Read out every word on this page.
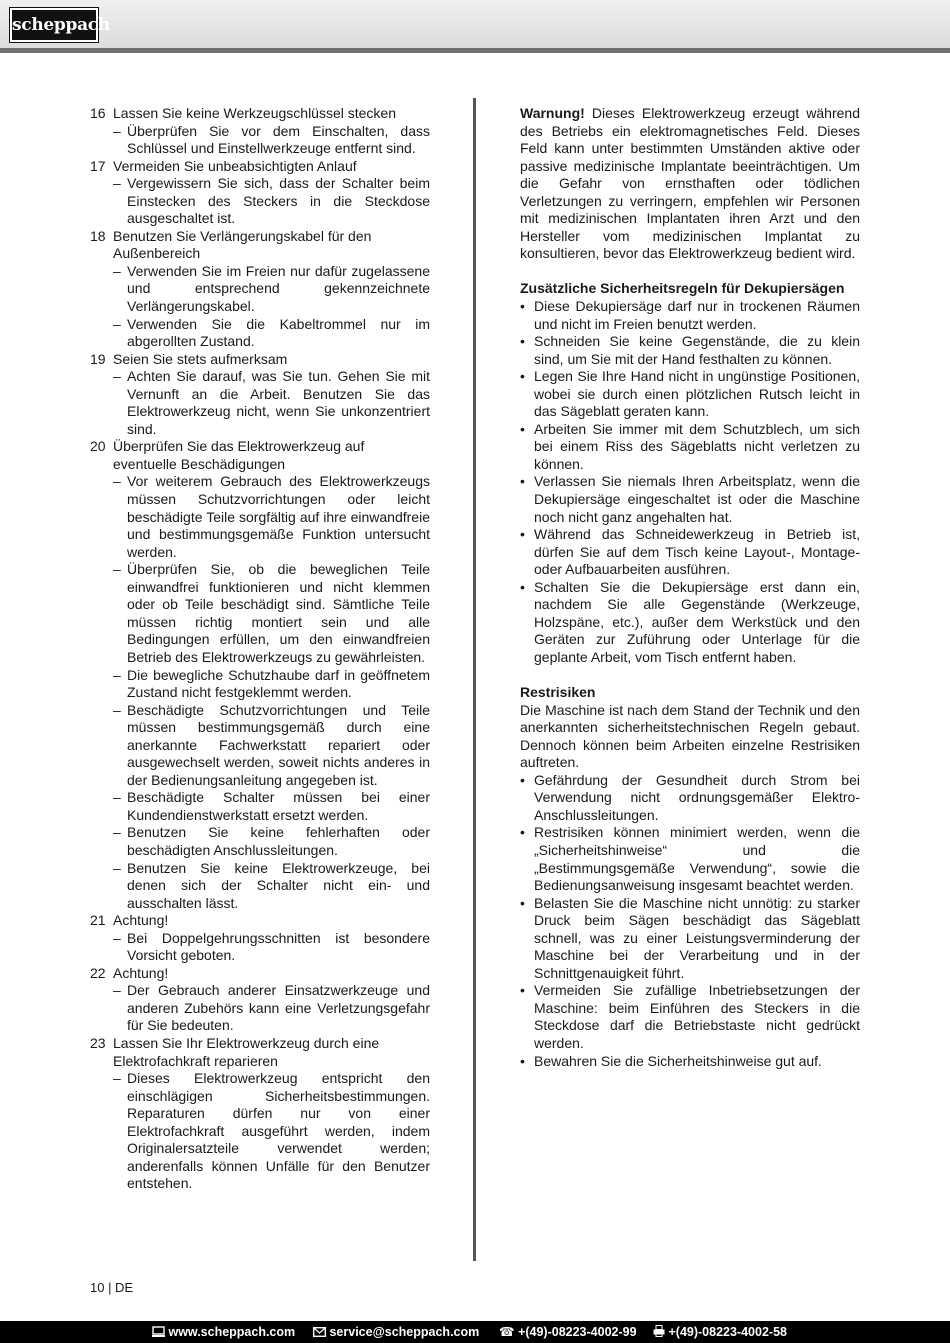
scheppach
16 Lassen Sie keine Werkzeugschlüssel stecken
– Überprüfen Sie vor dem Einschalten, dass Schlüssel und Einstellwerkzeuge entfernt sind.
17 Vermeiden Sie unbeabsichtigten Anlauf
– Vergewissern Sie sich, dass der Schalter beim Einstecken des Steckers in die Steckdose ausgeschaltet ist.
18 Benutzen Sie Verlängerungskabel für den Außenbereich
– Verwenden Sie im Freien nur dafür zugelassene und entsprechend gekennzeichnete Verlängerungskabel.
– Verwenden Sie die Kabeltrommel nur im abgerollten Zustand.
19 Seien Sie stets aufmerksam
– Achten Sie darauf, was Sie tun. Gehen Sie mit Vernunft an die Arbeit. Benutzen Sie das Elektrowerkzeug nicht, wenn Sie unkonzentriert sind.
20 Überprüfen Sie das Elektrowerkzeug auf eventuelle Beschädigungen
– Vor weiterem Gebrauch des Elektrowerkzeugs müssen Schutzvorrichtungen oder leicht beschädigte Teile sorgfältig auf ihre einwandfreie und bestimmungsgemäße Funktion untersucht werden.
– Überprüfen Sie, ob die beweglichen Teile einwandfrei funktionieren und nicht klemmen oder ob Teile beschädigt sind. Sämtliche Teile müssen richtig montiert sein und alle Bedingungen erfüllen, um den einwandfreien Betrieb des Elektrowerkzeugs zu gewährleisten.
– Die bewegliche Schutzhaube darf in geöffnetem Zustand nicht festgeklemmt werden.
– Beschädigte Schutzvorrichtungen und Teile müssen bestimmungsgemäß durch eine anerkannte Fachwerkstatt repariert oder ausgewechselt werden, soweit nichts anderes in der Bedienungsanleitung angegeben ist.
– Beschädigte Schalter müssen bei einer Kundendienstwerkstatt ersetzt werden.
– Benutzen Sie keine fehlerhaften oder beschädigten Anschlussleitungen.
– Benutzen Sie keine Elektrowerkzeuge, bei denen sich der Schalter nicht ein- und ausschalten lässt.
21 Achtung!
– Bei Doppelgehrungsschnitten ist besondere Vorsicht geboten.
22 Achtung!
– Der Gebrauch anderer Einsatzwerkzeuge und anderen Zubehörs kann eine Verletzungsgefahr für Sie bedeuten.
23 Lassen Sie Ihr Elektrowerkzeug durch eine Elektrofachkraft reparieren
– Dieses Elektrowerkzeug entspricht den einschlägigen Sicherheitsbestimmungen. Reparaturen dürfen nur von einer Elektrofachkraft ausgeführt werden, indem Originalersatzteile verwendet werden; anderenfalls können Unfälle für den Benutzer entstehen.

Warnung! Dieses Elektrowerkzeug erzeugt während des Betriebs ein elektromagnetisches Feld. Dieses Feld kann unter bestimmten Umständen aktive oder passive medizinische Implantate beeinträchtigen. Um die Gefahr von ernsthaften oder tödlichen Verletzungen zu verringern, empfehlen wir Personen mit medizinischen Implantaten ihren Arzt und den Hersteller vom medizinischen Implantat zu konsultieren, bevor das Elektrowerkzeug bedient wird.

Zusätzliche Sicherheitsregeln für Dekupiersägen

• Diese Dekupiersäge darf nur in trockenen Räumen und nicht im Freien benutzt werden.
• Schneiden Sie keine Gegenstände, die zu klein sind, um Sie mit der Hand festhalten zu können.
• Legen Sie Ihre Hand nicht in ungünstige Positionen, wobei sie durch einen plötzlichen Rutsch leicht in das Sägeblatt geraten kann.
• Arbeiten Sie immer mit dem Schutzblech, um sich bei einem Riss des Sägeblatts nicht verletzen zu können.
• Verlassen Sie niemals Ihren Arbeitsplatz, wenn die Dekupiersäge eingeschaltet ist oder die Maschine noch nicht ganz angehalten hat.
• Während das Schneidewerkzeug in Betrieb ist, dürfen Sie auf dem Tisch keine Layout-, Montage- oder Aufbauarbeiten ausführen.
• Schalten Sie die Dekupiersäge erst dann ein, nachdem Sie alle Gegenstände (Werkzeuge, Holzspäne, etc.), außer dem Werkstück und den Geräten zur Zuführung oder Unterlage für die geplante Arbeit, vom Tisch entfernt haben.

Restrisiken

Die Maschine ist nach dem Stand der Technik und den anerkannten sicherheitstechnischen Regeln gebaut. Dennoch können beim Arbeiten einzelne Restrisiken auftreten.

• Gefährdung der Gesundheit durch Strom bei Verwendung nicht ordnungsgemäßer Elektro-Anschlussleitungen.
• Restrisiken können minimiert werden, wenn die „Sicherheitshinweise“ und die „Bestimmungsgemäße Verwendung“, sowie die Bedienungsanweisung insgesamt beachtet werden.
• Belasten Sie die Maschine nicht unnötig: zu starker Druck beim Sägen beschädigt das Sägeblatt schnell, was zu einer Leistungsverminderung der Maschine bei der Verarbeitung und in der Schnittgenauigkeit führt.
• Vermeiden Sie zufällige Inbetriebsetzungen der Maschine: beim Einführen des Steckers in die Steckdose darf die Betriebstaste nicht gedrückt werden.
• Bewahren Sie die Sicherheitshinweise gut auf.
10 | DE
www.scheppach.com	service@scheppach.com ☎ +(49)-08223-4002-99	+(49)-08223-4002-58
